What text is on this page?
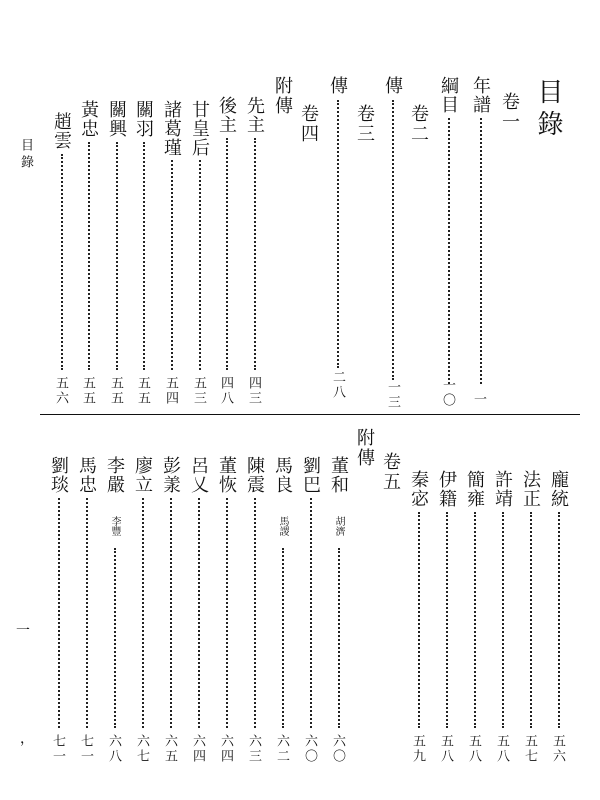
目錄
目錄
一
，
卷一
年譜
一
綱目
一〇
卷二
傳
一三
卷三
傳
二八
卷四
附傳
先主
四三
後主
四八
甘皇后
五三
諸葛瑾
五四
關羽
五五
關興
五五
黃忠
五五
趙雲
五六
龐統
五六
法正
五七
許靖
五八
簡雍
五八
伊籍
五八
秦宓
五九
卷五
附傳
董和
胡濟
六〇
劉巴
六〇
馬良
馬謖
六二
陳震
六三
董恢
六四
呂乂
六四
彭羕
六五
廖立
六七
李嚴
李豐
六八
馬忠
七一
劉琰
七一
